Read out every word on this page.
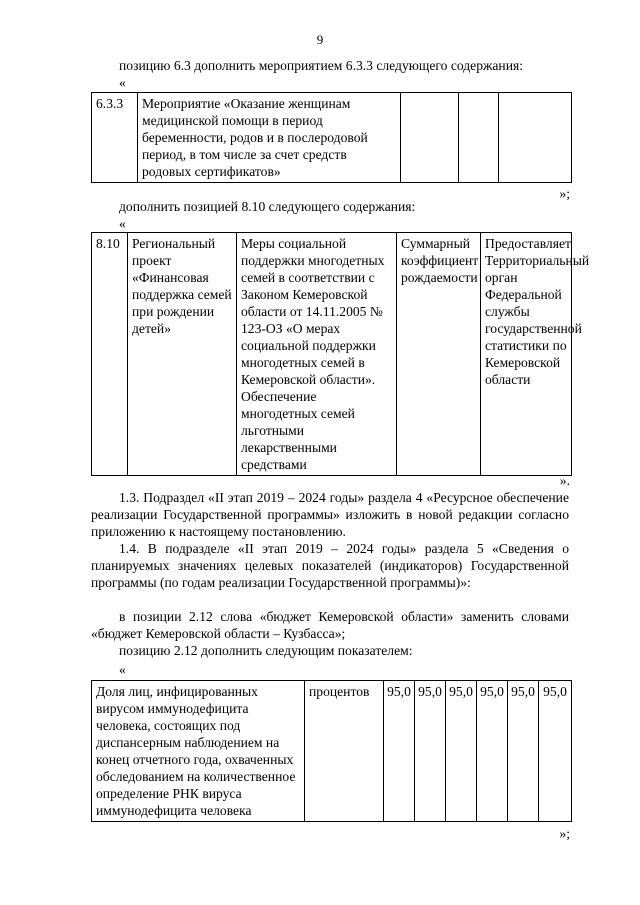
9
позицию 6.3 дополнить мероприятием 6.3.3 следующего содержания:
«
6.3.3	Мероприятие «Оказание женщинам медицинской помощи в период беременности, родов и в послеродовой период, в том числе за счет средств родовых сертификатов»			
»;
дополнить позицией 8.10 следующего содержания:
«
8.10	Региональный проект «Финансовая поддержка семей при рождении детей»	Меры социальной поддержки многодетных семей в соответствии с Законом Кемеровской области от 14.11.2005 № 123-ОЗ «О мерах социальной поддержки многодетных семей в Кемеровской области». Обеспечение многодетных семей льготными лекарственными средствами	Суммарный коэффициент рождаемости	Предоставляет Территориальный орган Федеральной службы государственной статистики по Кемеровской области
».
1.3. Подраздел «II этап 2019 – 2024 годы» раздела 4 «Ресурсное обеспечение реализации Государственной программы» изложить в новой редакции согласно приложению к настоящему постановлению.
1.4. В подразделе «II этап 2019 – 2024 годы» раздела 5 «Сведения о планируемых значениях целевых показателей (индикаторов) Государственной программы (по годам реализации Государственной программы)»:
в позиции 2.12 слова «бюджет Кемеровской области» заменить словами «бюджет Кемеровской области – Кузбасса»;
позицию 2.12 дополнить следующим показателем:
«
Доля лиц, инфицированных вирусом иммунодефицита человека, состоящих под диспансерным наблюдением на конец отчетного года, охваченных обследованием на количественное определение РНК вируса иммунодефицита человека	процентов	95,0	95,0	95,0	95,0	95,0	95,0
»;
